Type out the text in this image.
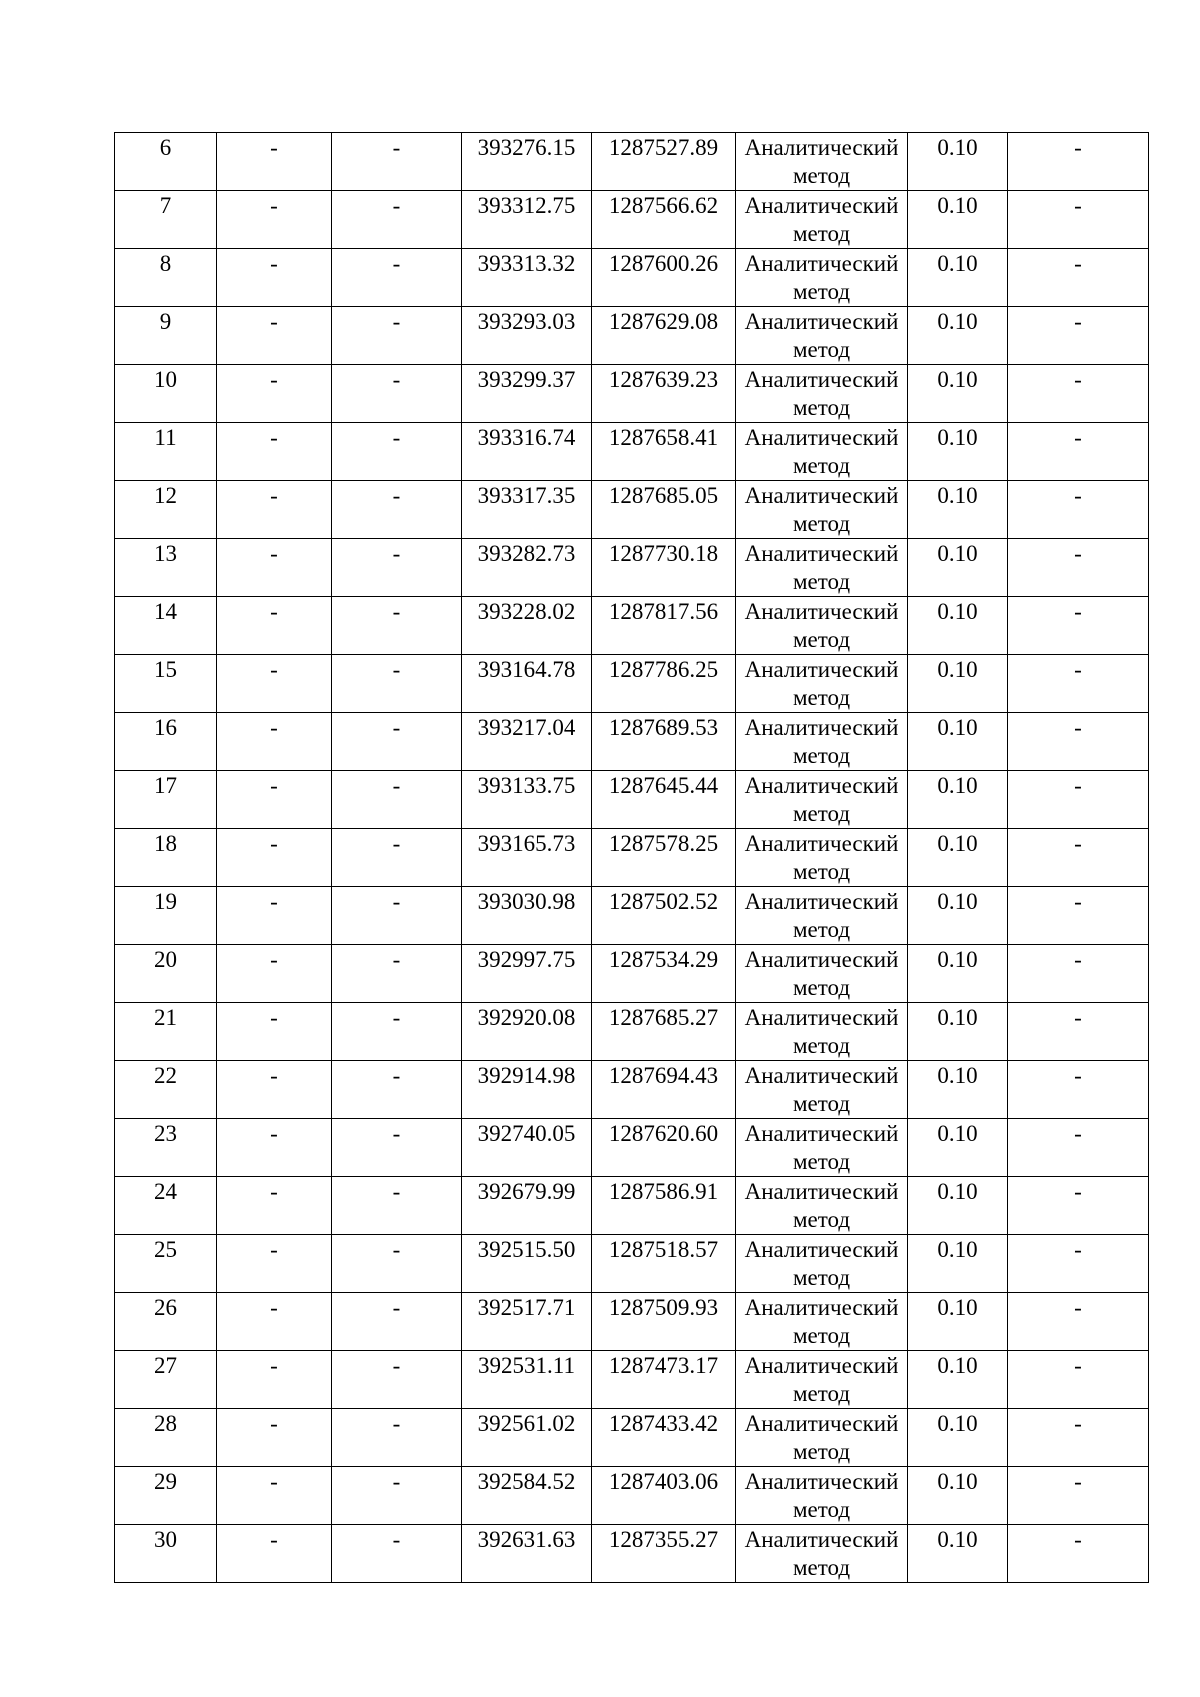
6	-	-	393276.15	1287527.89	Аналитический метод	0.10	-

7	-	-	393312.75	1287566.62	Аналитический метод	0.10	-

8	-	-	393313.32	1287600.26	Аналитический метод	0.10	-

9	-	-	393293.03	1287629.08	Аналитический метод	0.10	-

10	-	-	393299.37	1287639.23	Аналитический метод	0.10	-

11	-	-	393316.74	1287658.41	Аналитический метод	0.10	-

12	-	-	393317.35	1287685.05	Аналитический метод	0.10	-

13	-	-	393282.73	1287730.18	Аналитический метод	0.10	-

14	-	-	393228.02	1287817.56	Аналитический метод	0.10	-

15	-	-	393164.78	1287786.25	Аналитический метод	0.10	-

16	-	-	393217.04	1287689.53	Аналитический метод	0.10	-

17	-	-	393133.75	1287645.44	Аналитический метод	0.10	-

18	-	-	393165.73	1287578.25	Аналитический метод	0.10	-

19	-	-	393030.98	1287502.52	Аналитический метод	0.10	-

20	-	-	392997.75	1287534.29	Аналитический метод	0.10	-

21	-	-	392920.08	1287685.27	Аналитический метод	0.10	-

22	-	-	392914.98	1287694.43	Аналитический метод	0.10	-

23	-	-	392740.05	1287620.60	Аналитический метод	0.10	-

24	-	-	392679.99	1287586.91	Аналитический метод	0.10	-

25	-	-	392515.50	1287518.57	Аналитический метод	0.10	-

26	-	-	392517.71	1287509.93	Аналитический метод	0.10	-

27	-	-	392531.11	1287473.17	Аналитический метод	0.10	-

28	-	-	392561.02	1287433.42	Аналитический метод	0.10	-

29	-	-	392584.52	1287403.06	Аналитический метод	0.10	-

30	-	-	392631.63	1287355.27	Аналитический метод	0.10	-
